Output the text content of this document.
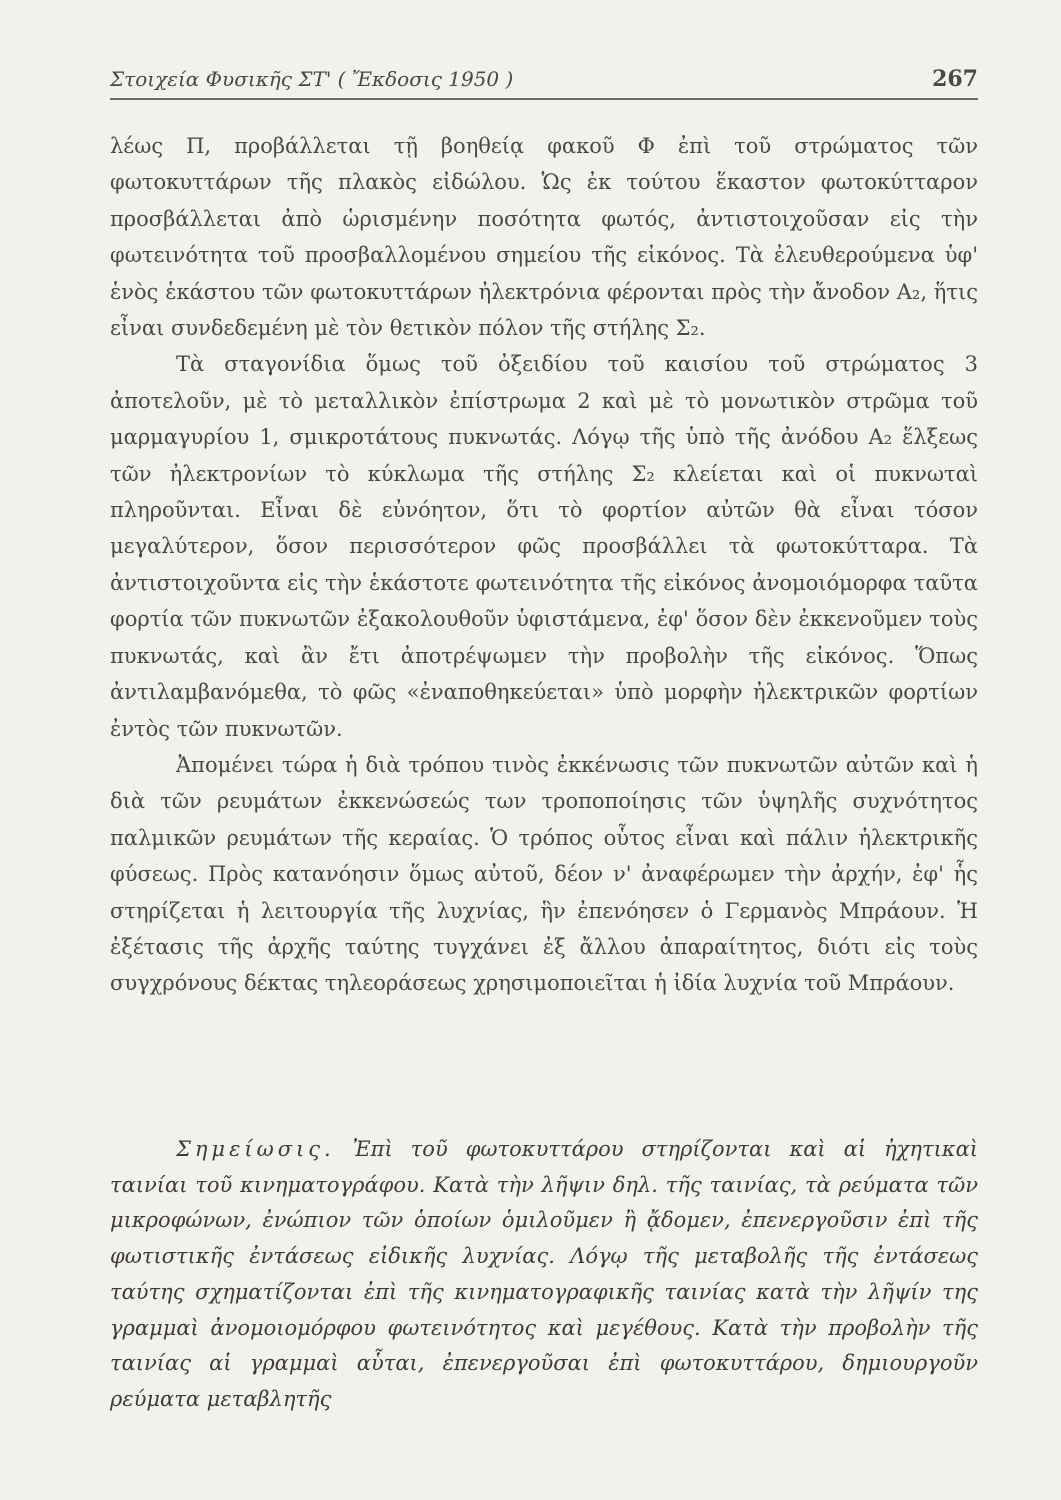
Στοιχεία Φυσικῆς ΣΤ' ( Ἔκδοσις 1950 )	267

λέως Π, προβάλλεται τῇ βοηθείᾳ φακοῦ Φ ἐπὶ τοῦ στρώματος τῶν φωτοκυττάρων τῆς πλακὸς εἰδώλου. Ὡς ἐκ τούτου ἕκαστον φωτοκύτταρον προσβάλλεται ἀπὸ ὡρισμένην ποσότητα φωτός, ἀντιστοιχοῦσαν εἰς τὴν φωτεινότητα τοῦ προσβαλλομένου σημείου τῆς εἰκόνος. Τὰ ἐλευθερούμενα ὑφ' ἑνὸς ἑκάστου τῶν φωτοκυττάρων ἠλεκτρόνια φέρονται πρὸς τὴν ἄνοδον Α₂, ἥτις εἶναι συνδεδεμένη μὲ τὸν θετικὸν πόλον τῆς στήλης Σ₂.

Τὰ σταγονίδια ὅμως τοῦ ὀξειδίου τοῦ καισίου τοῦ στρώματος 3 ἀποτελοῦν, μὲ τὸ μεταλλικὸν ἐπίστρωμα 2 καὶ μὲ τὸ μονωτικὸν στρῶμα τοῦ μαρμαγυρίου 1, σμικροτάτους πυκνωτάς. Λόγῳ τῆς ὑπὸ τῆς ἀνόδου Α₂ ἕλξεως τῶν ἠλεκτρονίων τὸ κύκλωμα τῆς στήλης Σ₂ κλείεται καὶ οἱ πυκνωταὶ πληροῦνται. Εἶναι δὲ εὐνόητον, ὅτι τὸ φορτίον αὐτῶν θὰ εἶναι τόσον μεγαλύτερον, ὅσον περισσότερον φῶς προσβάλλει τὰ φωτοκύτταρα. Τὰ ἀντιστοιχοῦντα εἰς τὴν ἑκάστοτε φωτεινότητα τῆς εἰκόνος ἀνομοιόμορφα ταῦτα φορτία τῶν πυκνωτῶν ἐξακολουθοῦν ὑφιστάμενα, ἐφ' ὅσον δὲν ἐκκενοῦμεν τοὺς πυκνωτάς, καὶ ἂν ἔτι ἀποτρέψωμεν τὴν προβολὴν τῆς εἰκόνος. Ὅπως ἀντιλαμβανόμεθα, τὸ φῶς «ἐναποθηκεύεται» ὑπὸ μορφὴν ἠλεκτρικῶν φορτίων ἐντὸς τῶν πυκνωτῶν.

Ἀπομένει τώρα ἡ διὰ τρόπου τινὸς ἐκκένωσις τῶν πυκνωτῶν αὐτῶν καὶ ἡ διὰ τῶν ρευμάτων ἐκκενώσεώς των τροποποίησις τῶν ὑψηλῆς συχνότητος παλμικῶν ρευμάτων τῆς κεραίας. Ὁ τρόπος οὗτος εἶναι καὶ πάλιν ἠλεκτρικῆς φύσεως. Πρὸς κατανόησιν ὅμως αὐτοῦ, δέον ν' ἀναφέρωμεν τὴν ἀρχήν, ἐφ' ἧς στηρίζεται ἡ λειτουργία τῆς λυχνίας, ἣν ἐπενόησεν ὁ Γερμανὸς Μπράουν. Ἡ ἐξέτασις τῆς ἀρχῆς ταύτης τυγχάνει ἐξ ἄλλου ἀπαραίτητος, διότι εἰς τοὺς συγχρόνους δέκτας τηλεοράσεως χρησιμοποιεῖται ἡ ἰδία λυχνία τοῦ Μπράουν.

Σημείωσις. Ἐπὶ τοῦ φωτοκυττάρου στηρίζονται καὶ αἱ ἠχητικαὶ ταινίαι τοῦ κινηματογράφου. Κατὰ τὴν λῆψιν δηλ. τῆς ταινίας, τὰ ρεύματα τῶν μικροφώνων, ἐνώπιον τῶν ὁποίων ὁμιλοῦμεν ἢ ᾄδομεν, ἐπενεργοῦσιν ἐπὶ τῆς φωτιστικῆς ἐντάσεως εἰδικῆς λυχνίας. Λόγῳ τῆς μεταβολῆς τῆς ἐντάσεως ταύτης σχηματίζονται ἐπὶ τῆς κινηματογραφικῆς ταινίας κατὰ τὴν λῆψίν της γραμμαὶ ἀνομοιομόρφου φωτεινότητος καὶ μεγέθους. Κατὰ τὴν προβολὴν τῆς ταινίας αἱ γραμμαὶ αὗται, ἐπενεργοῦσαι ἐπὶ φωτοκυττάρου, δημιουργοῦν ρεύματα μεταβλητῆς
